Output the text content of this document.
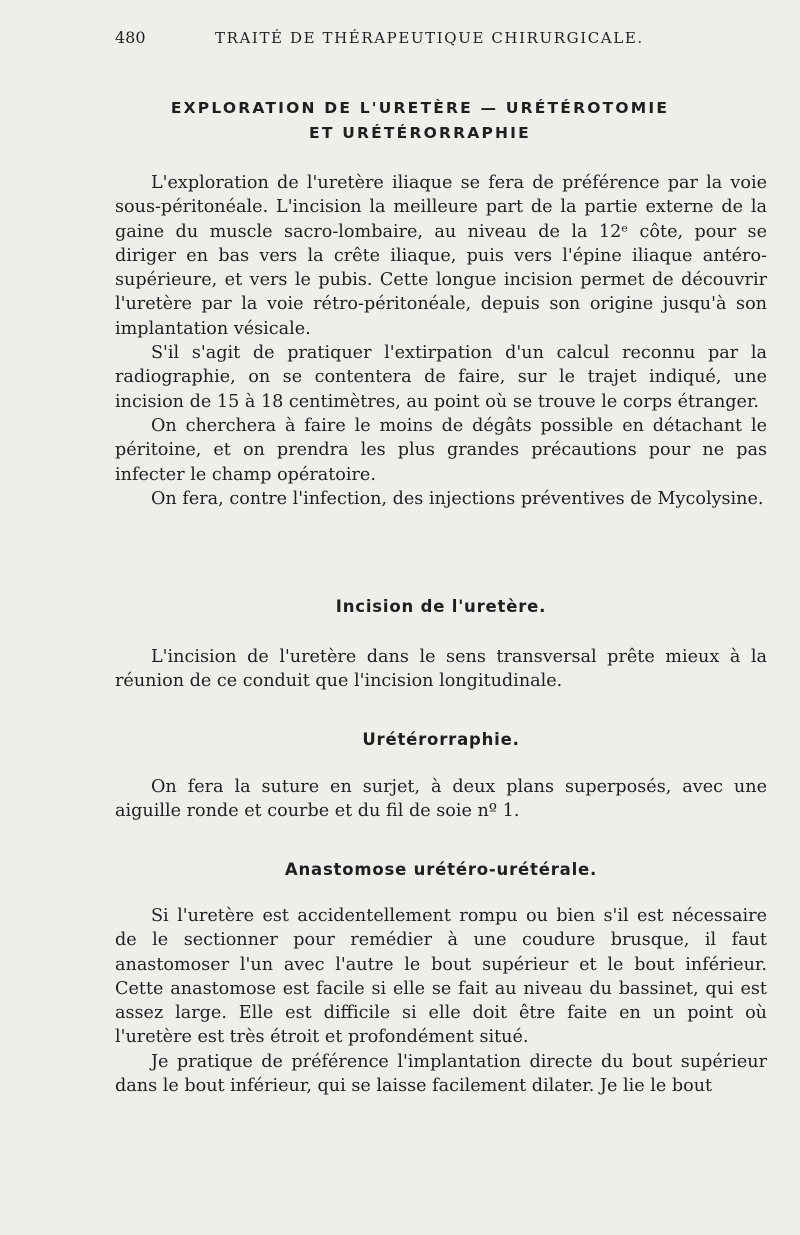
480	TRAITÉ DE THÉRAPEUTIQUE CHIRURGICALE.
EXPLORATION DE L'URETÈRE — URÉTÉROTOMIE
ET URÉTÉRORRAPHIE

L'exploration de l'uretère iliaque se fera de préférence par la voie sous-péritonéale. L'incision la meilleure part de la partie externe de la gaine du muscle sacro-lombaire, au niveau de la 12ᵉ côte, pour se diriger en bas vers la crête iliaque, puis vers l'épine iliaque antéro-supérieure, et vers le pubis. Cette longue incision permet de découvrir l'uretère par la voie rétro-péritonéale, depuis son origine jusqu'à son implantation vésicale.

S'il s'agit de pratiquer l'extirpation d'un calcul reconnu par la radiographie, on se contentera de faire, sur le trajet indiqué, une incision de 15 à 18 centimètres, au point où se trouve le corps étranger.

On cherchera à faire le moins de dégâts possible en détachant le péritoine, et on prendra les plus grandes précautions pour ne pas infecter le champ opératoire.

On fera, contre l'infection, des injections préventives de Mycolysine.

Incision de l'uretère.

L'incision de l'uretère dans le sens transversal prête mieux à la réunion de ce conduit que l'incision longitudinale.

Urétérorraphie.

On fera la suture en surjet, à deux plans superposés, avec une aiguille ronde et courbe et du fil de soie nº 1.

Anastomose urétéro-urétérale.

Si l'uretère est accidentellement rompu ou bien s'il est nécessaire de le sectionner pour remédier à une coudure brusque, il faut anastomoser l'un avec l'autre le bout supérieur et le bout inférieur. Cette anastomose est facile si elle se fait au niveau du bassinet, qui est assez large. Elle est difficile si elle doit être faite en un point où l'uretère est très étroit et profondément situé.

Je pratique de préférence l'implantation directe du bout supérieur dans le bout inférieur, qui se laisse facilement dilater. Je lie le bout
